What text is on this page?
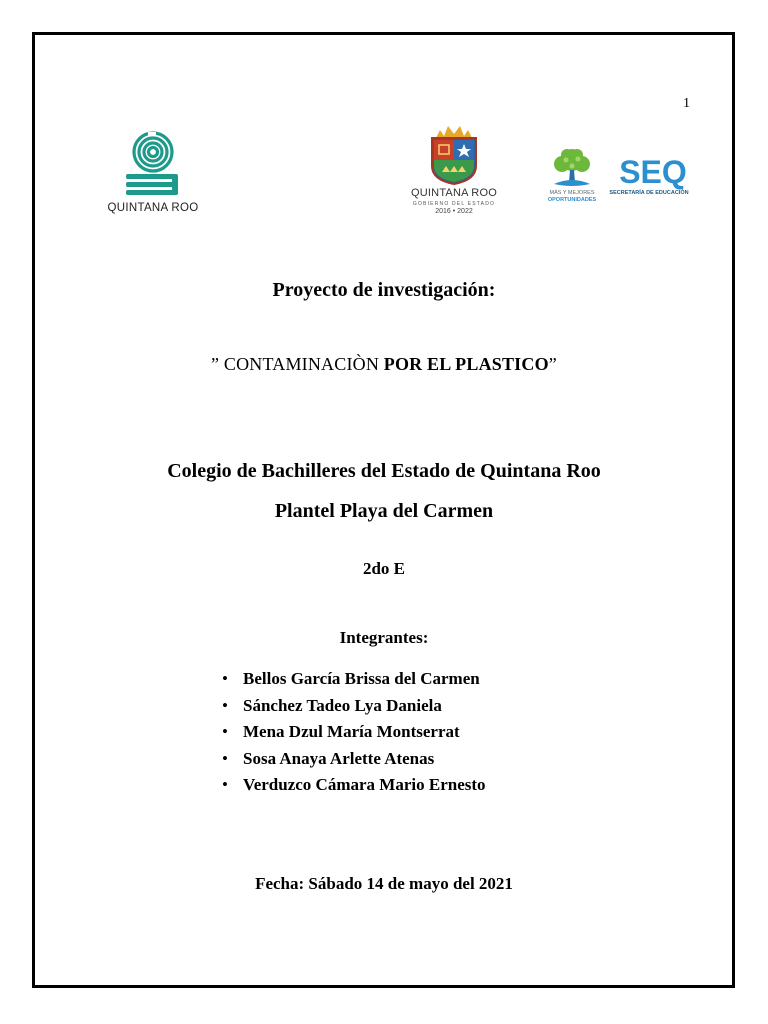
1
QUINTANA ROO
QUINTANA ROO
GOBIERNO DEL ESTADO
2016 • 2022
MÁS Y MEJORES
OPORTUNIDADES
SEQ
SECRETARÍA DE EDUCACIÓN
Proyecto de investigación:
” CONTAMINACIÒN POR EL PLASTICO”
Colegio de Bachilleres del Estado de Quintana Roo
Plantel Playa del Carmen
2do E
Integrantes:
• Bellos García Brissa del Carmen
• Sánchez Tadeo Lya Daniela
• Mena Dzul María Montserrat
• Sosa Anaya Arlette Atenas
• Verduzco Cámara Mario Ernesto
Fecha: Sábado 14 de mayo del 2021
